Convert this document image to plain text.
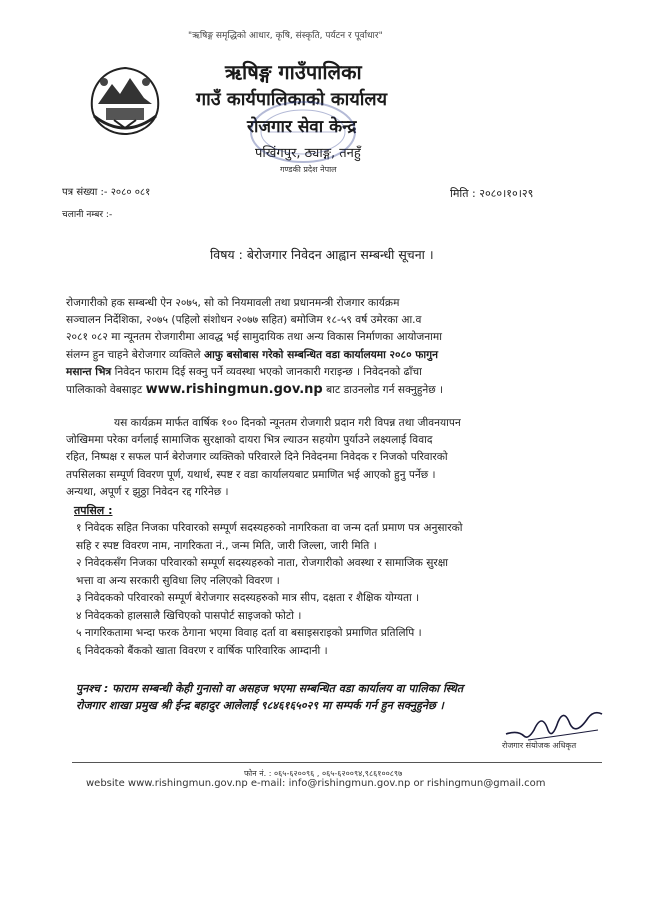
"ऋषिङ्ग समृद्धिको आधार, कृषि, संस्कृति, पर्यटन र पूर्वाधार"
ऋषिङ्ग गाउँपालिका
गाउँ कार्यपालिकाको कार्यालय
रोजगार सेवा केन्द्र
पखिंगपुर, ठ्याङ्ग, तनहुँ
गण्डकी प्रदेश नेपाल
पत्र संख्या :- २०८० ०८१
चलानी नम्बर :-
मिति : २०८०।१०।२९
विषय : बेरोजगार निवेदन आह्वान सम्बन्धी सूचना ।
रोजगारीको हक सम्बन्धी ऐन २०७५, सो को नियमावली तथा प्रधानमन्त्री रोजगार कार्यक्रम
सञ्चालन निर्देशिका, २०७५ (पहिलो संशोधन २०७७ सहित) बमोजिम १८-५९ वर्ष उमेरका आ.व
२०८१ ०८२ मा न्यूनतम रोजगारीमा आवद्ध भई सामुदायिक तथा अन्य विकास निर्माणका आयोजनामा
संलग्न हुन चाहने बेरोजगार व्यक्तिले आफु बसोबास गरेको सम्बन्धित वडा कार्यालयमा २०८० फागुन
मसान्त भित्र निवेदन फाराम दिई सक्नु पर्ने व्यवस्था भएको जानकारी गराइन्छ । निवेदनको ढाँचा
पालिकाको वेबसाइट www.rishingmun.gov.np बाट डाउनलोड गर्न सक्नुहुनेछ ।
यस कार्यक्रम मार्फत वार्षिक १०० दिनको न्यूनतम रोजगारी प्रदान गरी विपन्न तथा जीवनयापन
जोखिममा परेका वर्गलाई सामाजिक सुरक्षाको दायरा भित्र ल्याउन सहयोग पुर्याउने लक्ष्यलाई विवाद
रहित, निष्पक्ष र सफल पार्न बेरोजगार व्यक्तिको परिवारले दिने निवेदनमा निवेदक र निजको परिवारको
तपसिलका सम्पूर्ण विवरण पूर्ण, यथार्थ, स्पष्ट र वडा कार्यालयबाट प्रमाणित भई आएको हुनु पर्नेछ ।
अन्यथा, अपूर्ण र झुठ्ठा निवेदन रद्द गरिनेछ ।
तपसिल :
१ निवेदक सहित निजका परिवारको सम्पूर्ण सदस्यहरुको नागरिकता वा जन्म दर्ता प्रमाण पत्र अनुसारको
सहि र स्पष्ट विवरण नाम, नागरिकता नं., जन्म मिति, जारी जिल्ला, जारी मिति ।
२ निवेदकसँग निजका परिवारको सम्पूर्ण सदस्यहरुको नाता, रोजगारीको अवस्था र सामाजिक सुरक्षा
भत्ता वा अन्य सरकारी सुविधा लिए नलिएको विवरण ।
३ निवेदकको परिवारको सम्पूर्ण बेरोजगार सदस्यहरुको मात्र सीप, दक्षता र शैक्षिक योग्यता ।
४ निवेदकको हालसालै खिचिएको पासपोर्ट साइजको फोटो ।
५ नागरिकतामा भन्दा फरक ठेगाना भएमा विवाह दर्ता वा बसाइसराइको प्रमाणित प्रतिलिपि ।
६ निवेदकको बैंकको खाता विवरण र वार्षिक पारिवारिक आम्दानी ।
पुनश्च : फाराम सम्बन्धी केही गुनासो वा असहज भएमा सम्बन्धित वडा कार्यालय वा पालिका स्थित
रोजगार शाखा प्रमुख श्री ईन्द्र बहादुर आलेलाई ९८४६१६५०२९ मा सम्पर्क गर्न हुन सक्नुहुनेछ ।
रोजगार संयोजक अधिकृत
फोन नं. : ०६५-६२००९६ , ०६५-६२००९४,९८६१००८९७
website www.rishingmun.gov.np e-mail: info@rishingmun.gov.np or rishingmun@gmail.com
